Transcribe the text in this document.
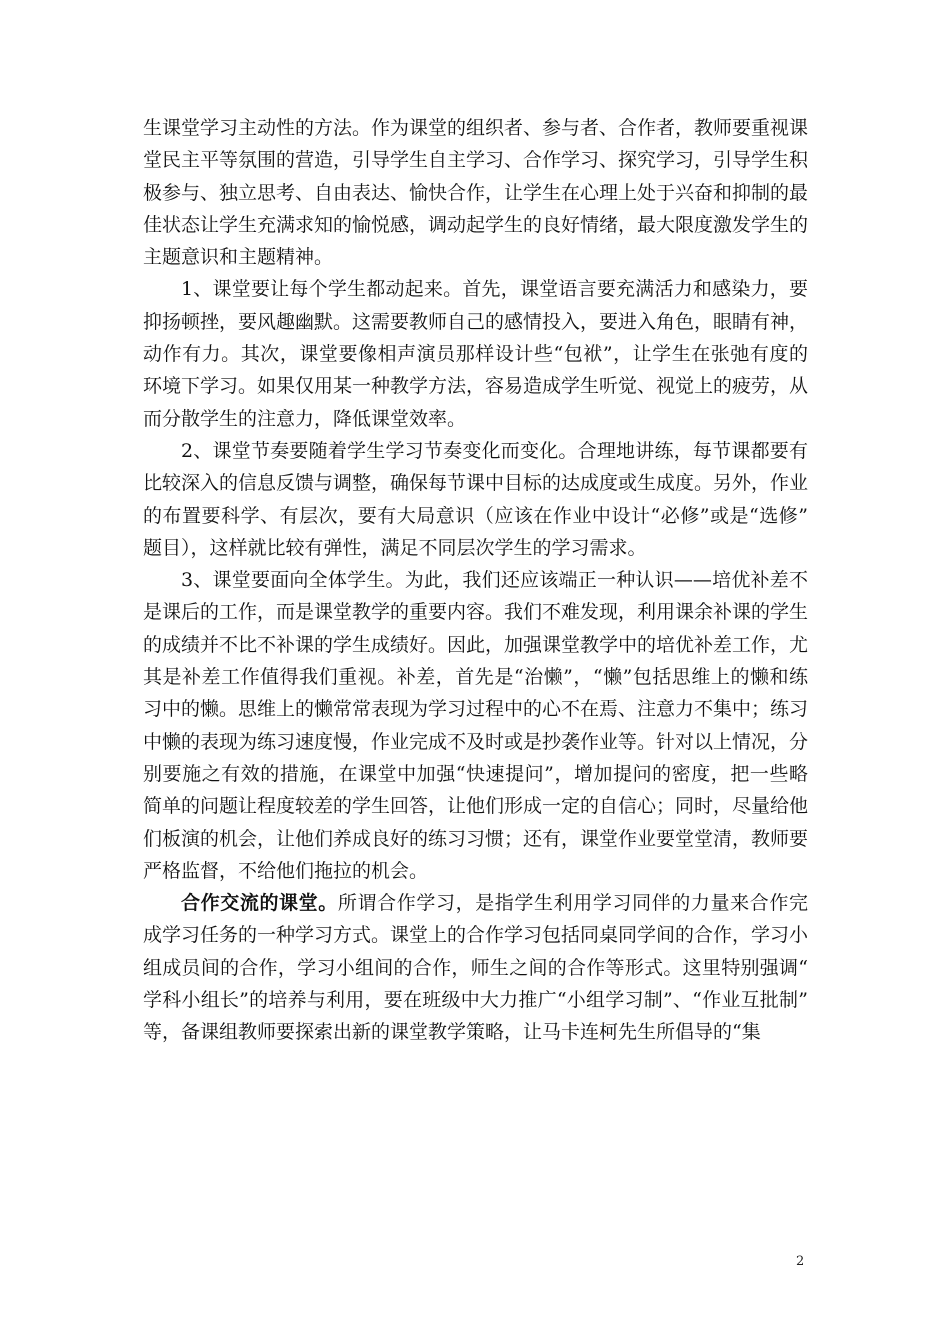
生课堂学习主动性的方法。作为课堂的组织者、参与者、合作者，教师要重视课堂民主平等氛围的营造，引导学生自主学习、合作学习、探究学习，引导学生积极参与、独立思考、自由表达、愉快合作，让学生在心理上处于兴奋和抑制的最佳状态让学生充满求知的愉悦感，调动起学生的良好情绪，最大限度激发学生的主题意识和主题精神。

1、课堂要让每个学生都动起来。首先，课堂语言要充满活力和感染力，要抑扬顿挫，要风趣幽默。这需要教师自己的感情投入，要进入角色，眼睛有神，动作有力。其次，课堂要像相声演员那样设计些“包袱”，让学生在张弛有度的环境下学习。如果仅用某一种教学方法，容易造成学生听觉、视觉上的疲劳，从而分散学生的注意力，降低课堂效率。

2、课堂节奏要随着学生学习节奏变化而变化。合理地讲练，每节课都要有比较深入的信息反馈与调整，确保每节课中目标的达成度或生成度。另外，作业的布置要科学、有层次，要有大局意识（应该在作业中设计“必修”或是“选修”题目），这样就比较有弹性，满足不同层次学生的学习需求。

3、课堂要面向全体学生。为此，我们还应该端正一种认识——培优补差不是课后的工作，而是课堂教学的重要内容。我们不难发现，利用课余补课的学生的成绩并不比不补课的学生成绩好。因此，加强课堂教学中的培优补差工作，尤其是补差工作值得我们重视。补差，首先是“治懒”，“懒”包括思维上的懒和练习中的懒。思维上的懒常常表现为学习过程中的心不在焉、注意力不集中；练习中懒的表现为练习速度慢，作业完成不及时或是抄袭作业等。针对以上情况，分别要施之有效的措施，在课堂中加强“快速提问”，增加提问的密度，把一些略简单的问题让程度较差的学生回答，让他们形成一定的自信心；同时，尽量给他们板演的机会，让他们养成良好的练习习惯；还有，课堂作业要堂堂清，教师要严格监督，不给他们拖拉的机会。

合作交流的课堂。所谓合作学习，是指学生利用学习同伴的力量来合作完成学习任务的一种学习方式。课堂上的合作学习包括同桌同学间的合作，学习小组成员间的合作，学习小组间的合作，师生之间的合作等形式。这里特别强调“学科小组长”的培养与利用，要在班级中大力推广“小组学习制”、“作业互批制”等，备课组教师要探索出新的课堂教学策略，让马卡连柯先生所倡导的“集

2
